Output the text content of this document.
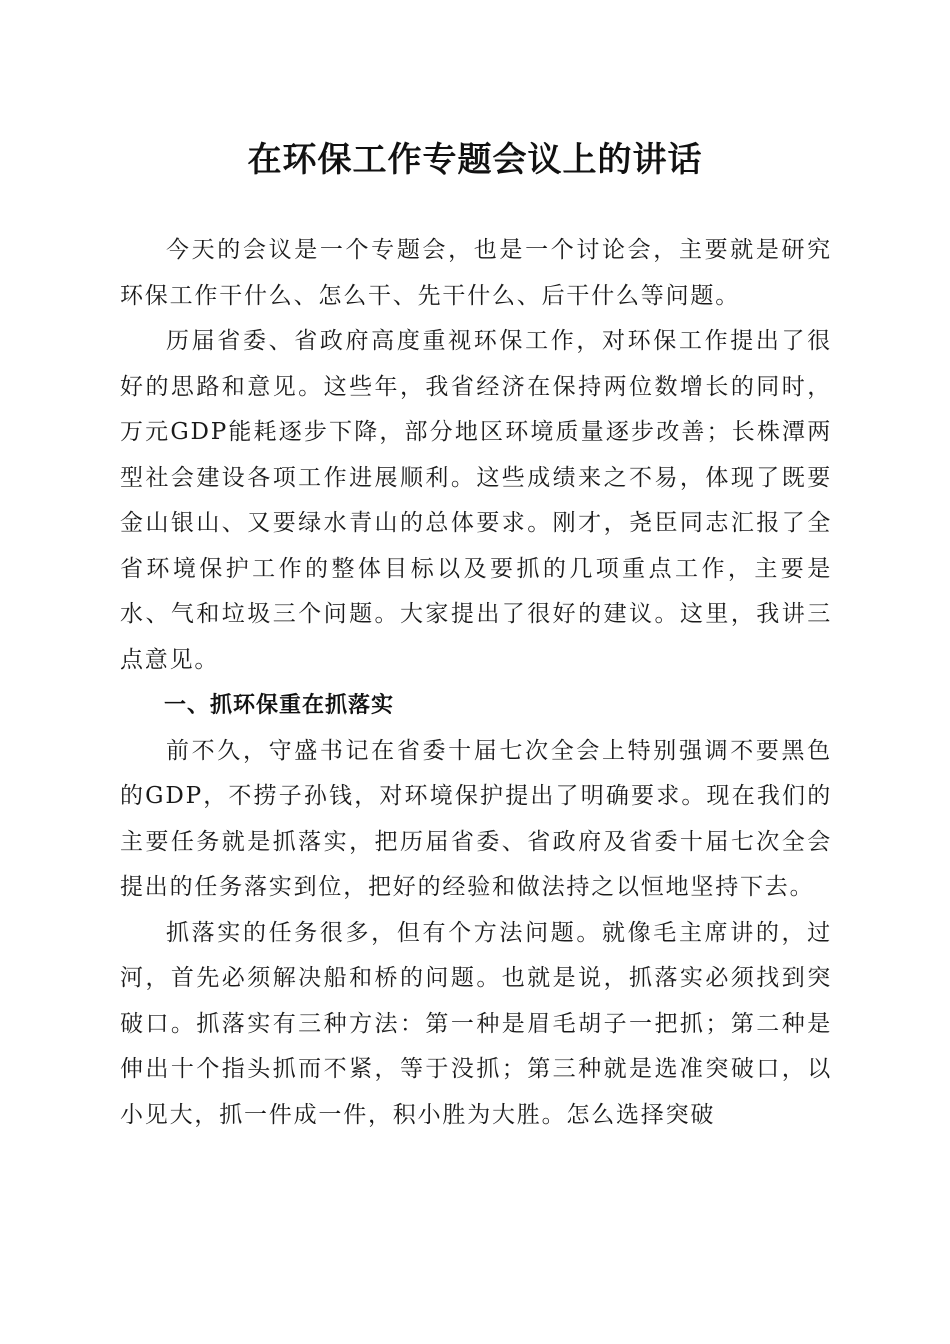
在环保工作专题会议上的讲话

今天的会议是一个专题会，也是一个讨论会，主要就是研究环保工作干什么、怎么干、先干什么、后干什么等问题。

历届省委、省政府高度重视环保工作，对环保工作提出了很好的思路和意见。这些年，我省经济在保持两位数增长的同时，万元GDP能耗逐步下降，部分地区环境质量逐步改善；长株潭两型社会建设各项工作进展顺利。这些成绩来之不易，体现了既要金山银山、又要绿水青山的总体要求。刚才，尧臣同志汇报了全省环境保护工作的整体目标以及要抓的几项重点工作，主要是水、气和垃圾三个问题。大家提出了很好的建议。这里，我讲三点意见。

一、抓环保重在抓落实

前不久，守盛书记在省委十届七次全会上特别强调不要黑色的GDP，不捞子孙钱，对环境保护提出了明确要求。现在我们的主要任务就是抓落实，把历届省委、省政府及省委十届七次全会提出的任务落实到位，把好的经验和做法持之以恒地坚持下去。

抓落实的任务很多，但有个方法问题。就像毛主席讲的，过河，首先必须解决船和桥的问题。也就是说，抓落实必须找到突破口。抓落实有三种方法：第一种是眉毛胡子一把抓；第二种是伸出十个指头抓而不紧，等于没抓；第三种就是选准突破口，以小见大，抓一件成一件，积小胜为大胜。怎么选择突破
